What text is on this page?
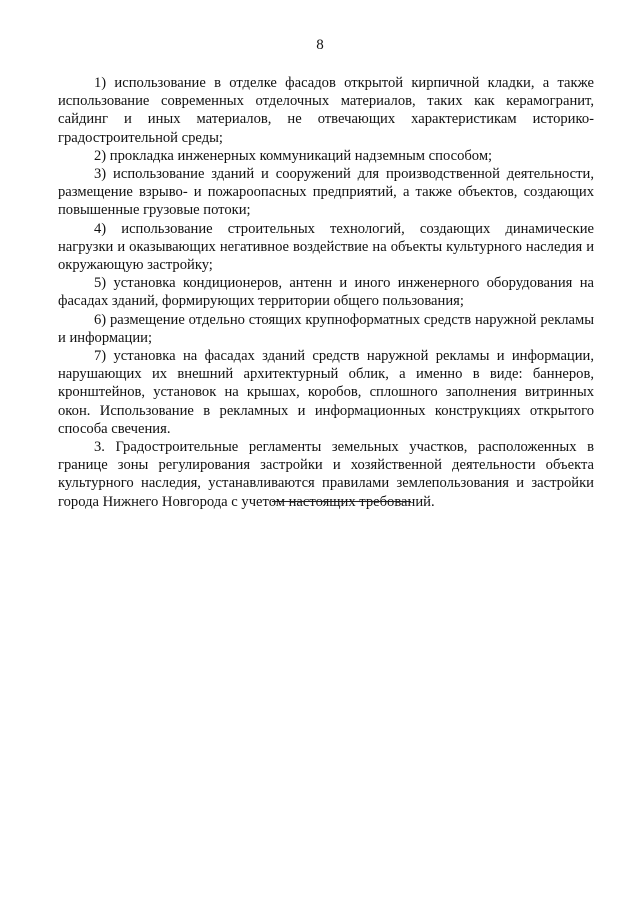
8

1) использование в отделке фасадов открытой кирпичной кладки, а также использование современных отделочных материалов, таких как керамогранит, сайдинг и иных материалов, не отвечающих характеристикам историко-градостроительной среды;

2) прокладка инженерных коммуникаций надземным способом;

3) использование зданий и сооружений для производственной деятельности, размещение взрыво- и пожароопасных предприятий, а также объектов, создающих повышенные грузовые потоки;

4) использование строительных технологий, создающих динамические нагрузки и оказывающих негативное воздействие на объекты культурного наследия и окружающую застройку;

5) установка кондиционеров, антенн и иного инженерного оборудования на фасадах зданий, формирующих территории общего пользования;

6) размещение отдельно стоящих крупноформатных средств наружной рекламы и информации;

7) установка на фасадах зданий средств наружной рекламы и информации, нарушающих их внешний архитектурный облик, а именно в виде: баннеров, кронштейнов, установок на крышах, коробов, сплошного заполнения витринных окон. Использование в рекламных и информационных конструкциях открытого способа свечения.

3. Градостроительные регламенты земельных участков, расположенных в границе зоны регулирования застройки и хозяйственной деятельности объекта культурного наследия, устанавливаются правилами землепользования и застройки города Нижнего Новгорода с учетом настоящих требований.
